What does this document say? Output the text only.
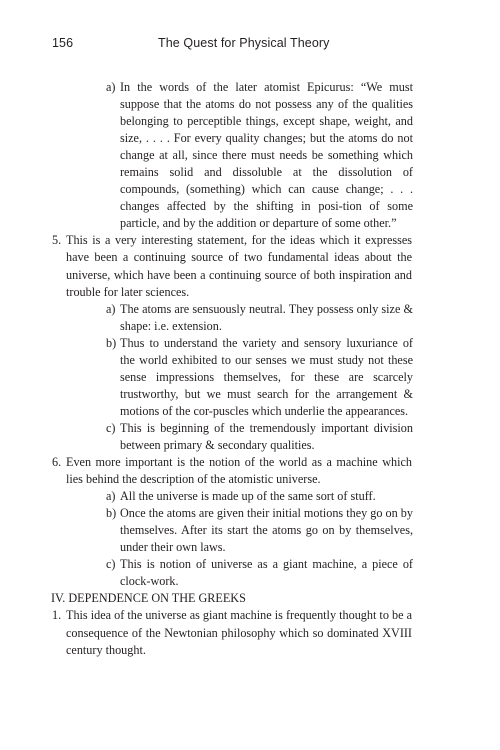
156	The Quest for Physical Theory
a) In the words of the later atomist Epicurus: “We must suppose that the atoms do not possess any of the qualities belonging to perceptible things, except shape, weight, and size, . . . . For every quality changes; but the atoms do not change at all, since there must needs be something which remains solid and dissoluble at the dissolution of compounds, (something) which can cause change; . . . changes affected by the shifting in posi-tion of some particle, and by the addition or departure of some other.”
5. This is a very interesting statement, for the ideas which it expresses have been a continuing source of two fundamental ideas about the universe, which have been a continuing source of both inspiration and trouble for later sciences.
a) The atoms are sensuously neutral. They possess only size & shape: i.e. extension.
b) Thus to understand the variety and sensory luxuriance of the world exhibited to our senses we must study not these sense impressions themselves, for these are scarcely trustworthy, but we must search for the arrangement & motions of the cor-puscles which underlie the appearances.
c) This is beginning of the tremendously important division between primary & secondary qualities.
6. Even more important is the notion of the world as a machine which lies behind the description of the atomistic universe.
a) All the universe is made up of the same sort of stuff.
b) Once the atoms are given their initial motions they go on by themselves. After its start the atoms go on by themselves, under their own laws.
c) This is notion of universe as a giant machine, a piece of clock-work.
IV. DEPENDENCE ON THE GREEKS
1. This idea of the universe as giant machine is frequently thought to be a consequence of the Newtonian philosophy which so dominated XVIII century thought.
